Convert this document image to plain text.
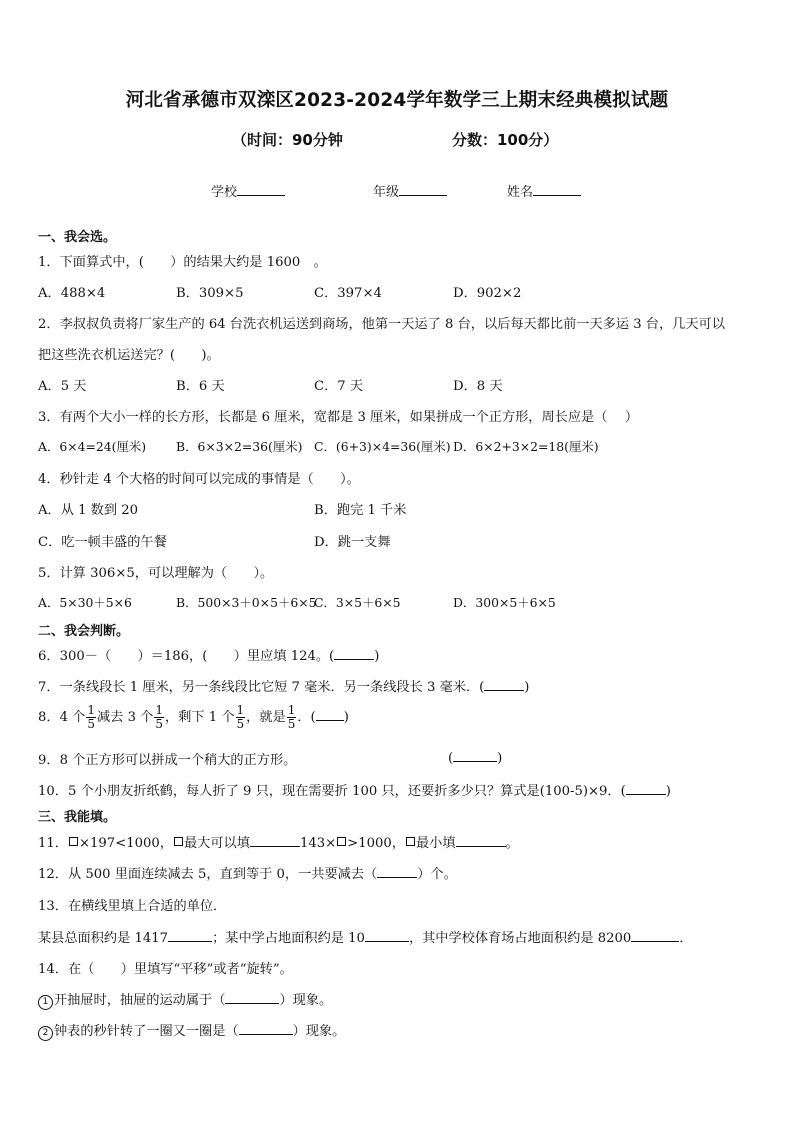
河北省承德市双滦区2023-2024学年数学三上期末经典模拟试题
（时间：90分钟	分数：100分）
学校	年级	姓名
一、我会选。
1．下面算式中，(　　）的结果大约是 1600　。
A．488×4	B．309×5	C．397×4	D．902×2
2．李叔叔负责将厂家生产的 64 台洗衣机运送到商场，他第一天运了 8 台，以后每天都比前一天多运 3 台，几天可以
把这些洗衣机运送完？(　　)。
A．5 天	B．6 天	C．7 天	D．8 天
3．有两个大小一样的长方形，长都是 6 厘米，宽都是 3 厘米，如果拼成一个正方形，周长应是（　 ）
A．6×4=24(厘米) B．6×3×2=36(厘米) C．(6+3)×4=36(厘米) D．6×2+3×2=18(厘米)
4．秒针走 4 个大格的时间可以完成的事情是（　　）。
A．从 1 数到 20	B．跑完 1 千米
C．吃一顿丰盛的午餐	D．跳一支舞
5．计算 306×5，可以理解为（　　）。
A．5×30＋5×6	B．500×3＋0×5＋6×5
C．3×5＋6×5	D．300×5＋6×5
二、我会判断。
6．300－（　　）＝186，(　　）里应填 124。(	)
7．一条线段长 1 厘米，另一条线段比它短 7 毫米．另一条线段长 3 毫米．(	)
8．4 个 $\frac{1}{5}$ 减去 3 个 $\frac{1}{5}$ ，剩下 1 个 $\frac{1}{5}$ ，就是 $\frac{1}{5}$ ．( )
9．8 个正方形可以拼成一个稍大的正方形。	(	)
10．5 个小朋友折纸鹤，每人折了 9 只，现在需要折 100 只，还要折多少只？算式是(100-5)×9．(	)
三、我能填。
11． ×197<1000， 最大可以填	143× >1000， 最小填	。
12．从 500 里面连续减去 5，直到等于 0，一共要减去（	）个。
13．在横线里填上合适的单位．
某县总面积约是 1417	；某中学占地面积约是 10	，其中学校体育场占地面积约是 8200	．
14．在（　　）里填写“平移”或者“旋转”。
1 开抽屉时，抽屉的运动属于（	）现象。
2 钟表的秒针转了一圈又一圈是（	）现象。
